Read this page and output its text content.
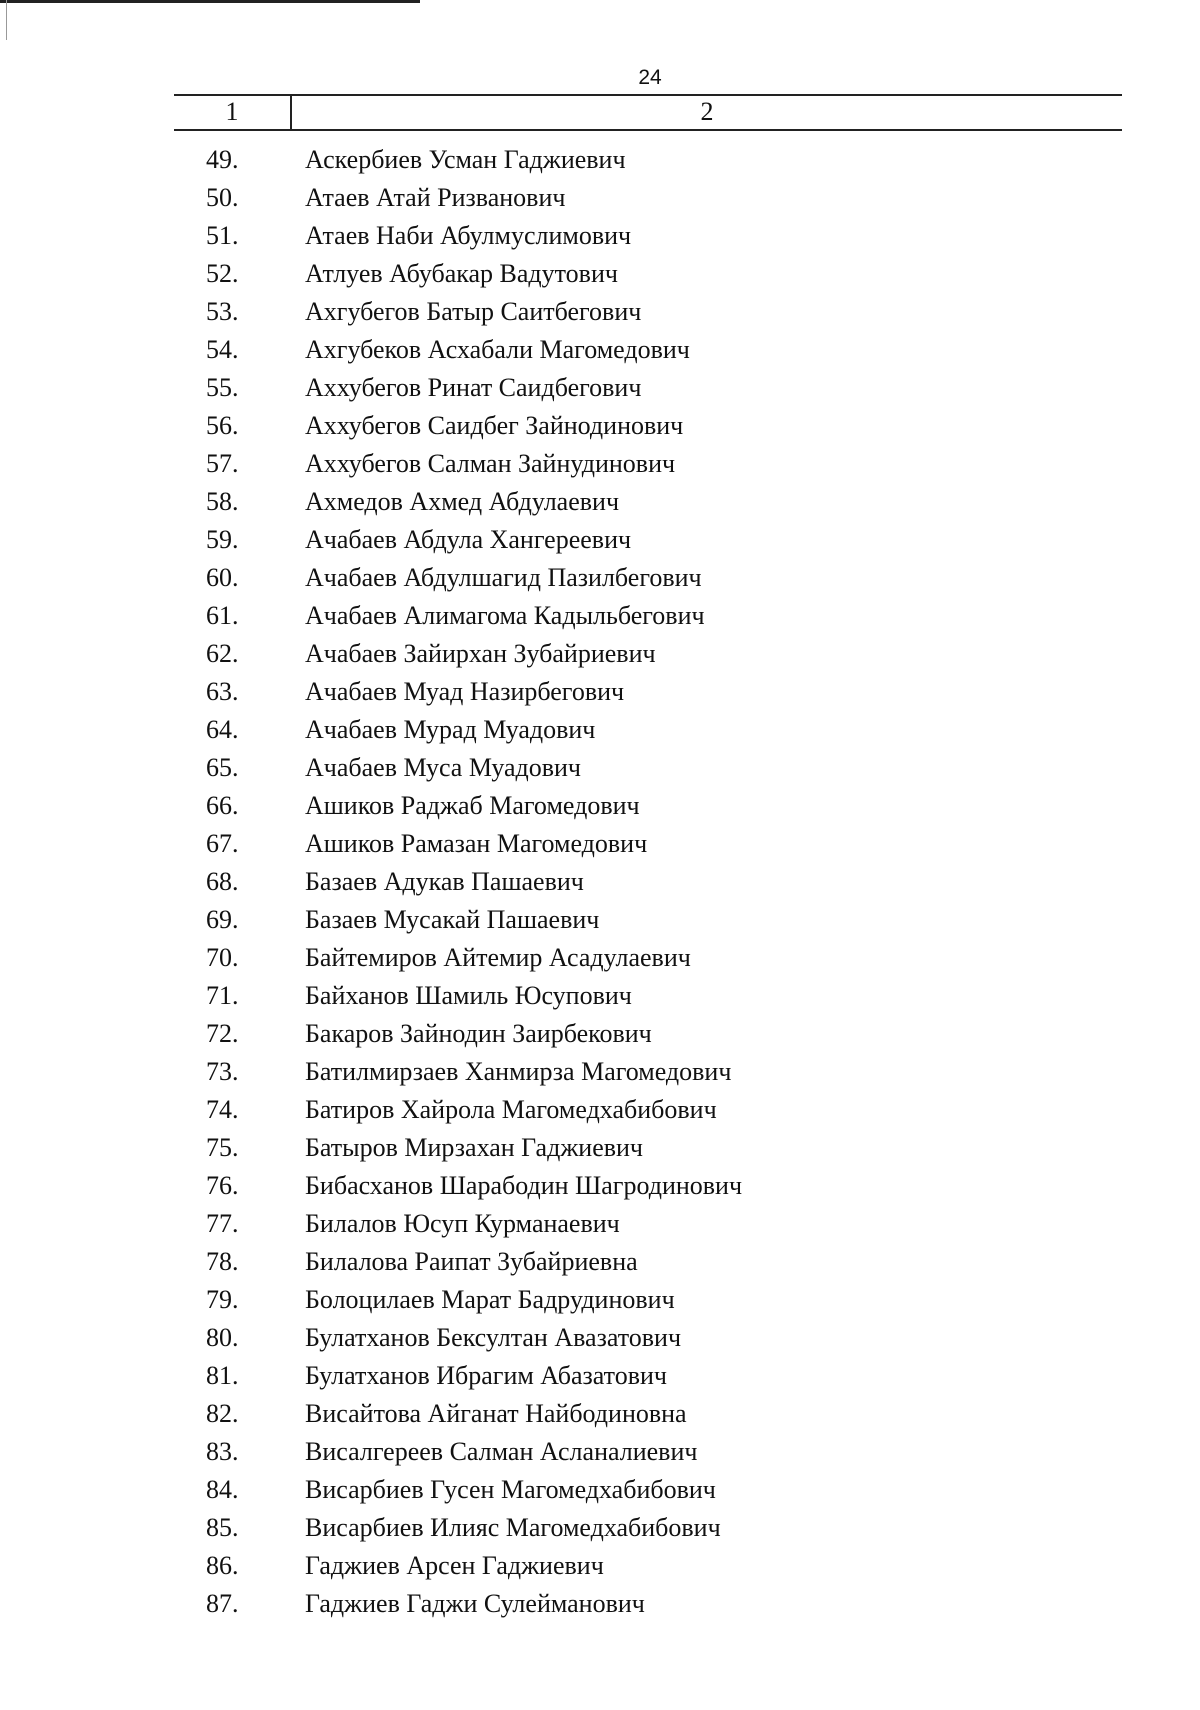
24
1	2
49.	Аскербиев Усман Гаджиевич
50.	Атаев Атай Ризванович
51.	Атаев Наби Абулмуслимович
52.	Атлуев Абубакар Вадутович
53.	Ахгубегов Батыр Саитбегович
54.	Ахгубеков Асхабали Магомедович
55.	Аххубегов Ринат Саидбегович
56.	Аххубегов Саидбег Зайнодинович
57.	Аххубегов Салман Зайнудинович
58.	Ахмедов Ахмед Абдулаевич
59.	Ачабаев Абдула Хангереевич
60.	Ачабаев Абдулшагид Пазилбегович
61.	Ачабаев Алимагома Кадыльбегович
62.	Ачабаев Зайирхан Зубайриевич
63.	Ачабаев Муад Назирбегович
64.	Ачабаев Мурад Муадович
65.	Ачабаев Муса Муадович
66.	Ашиков Раджаб Магомедович
67.	Ашиков Рамазан Магомедович
68.	Базаев Адукав Пашаевич
69.	Базаев Мусакай Пашаевич
70.	Байтемиров Айтемир Асадулаевич
71.	Байханов Шамиль Юсупович
72.	Бакаров Зайнодин Заирбекович
73.	Батилмирзаев Ханмирза Магомедович
74.	Батиров Хайрола Магомедхабибович
75.	Батыров Мирзахан Гаджиевич
76.	Бибасханов Шарабодин Шагродинович
77.	Билалов Юсуп Курманаевич
78.	Билалова Раипат Зубайриевна
79.	Болоцилаев Марат Бадрудинович
80.	Булатханов Бексултан Авазатович
81.	Булатханов Ибрагим Абазатович
82.	Висайтова Айганат Найбодиновна
83.	Висалгереев Салман Асланалиевич
84.	Висарбиев Гусен Магомедхабибович
85.	Висарбиев Илияс Магомедхабибович
86.	Гаджиев Арсен Гаджиевич
87.	Гаджиев Гаджи Сулейманович
